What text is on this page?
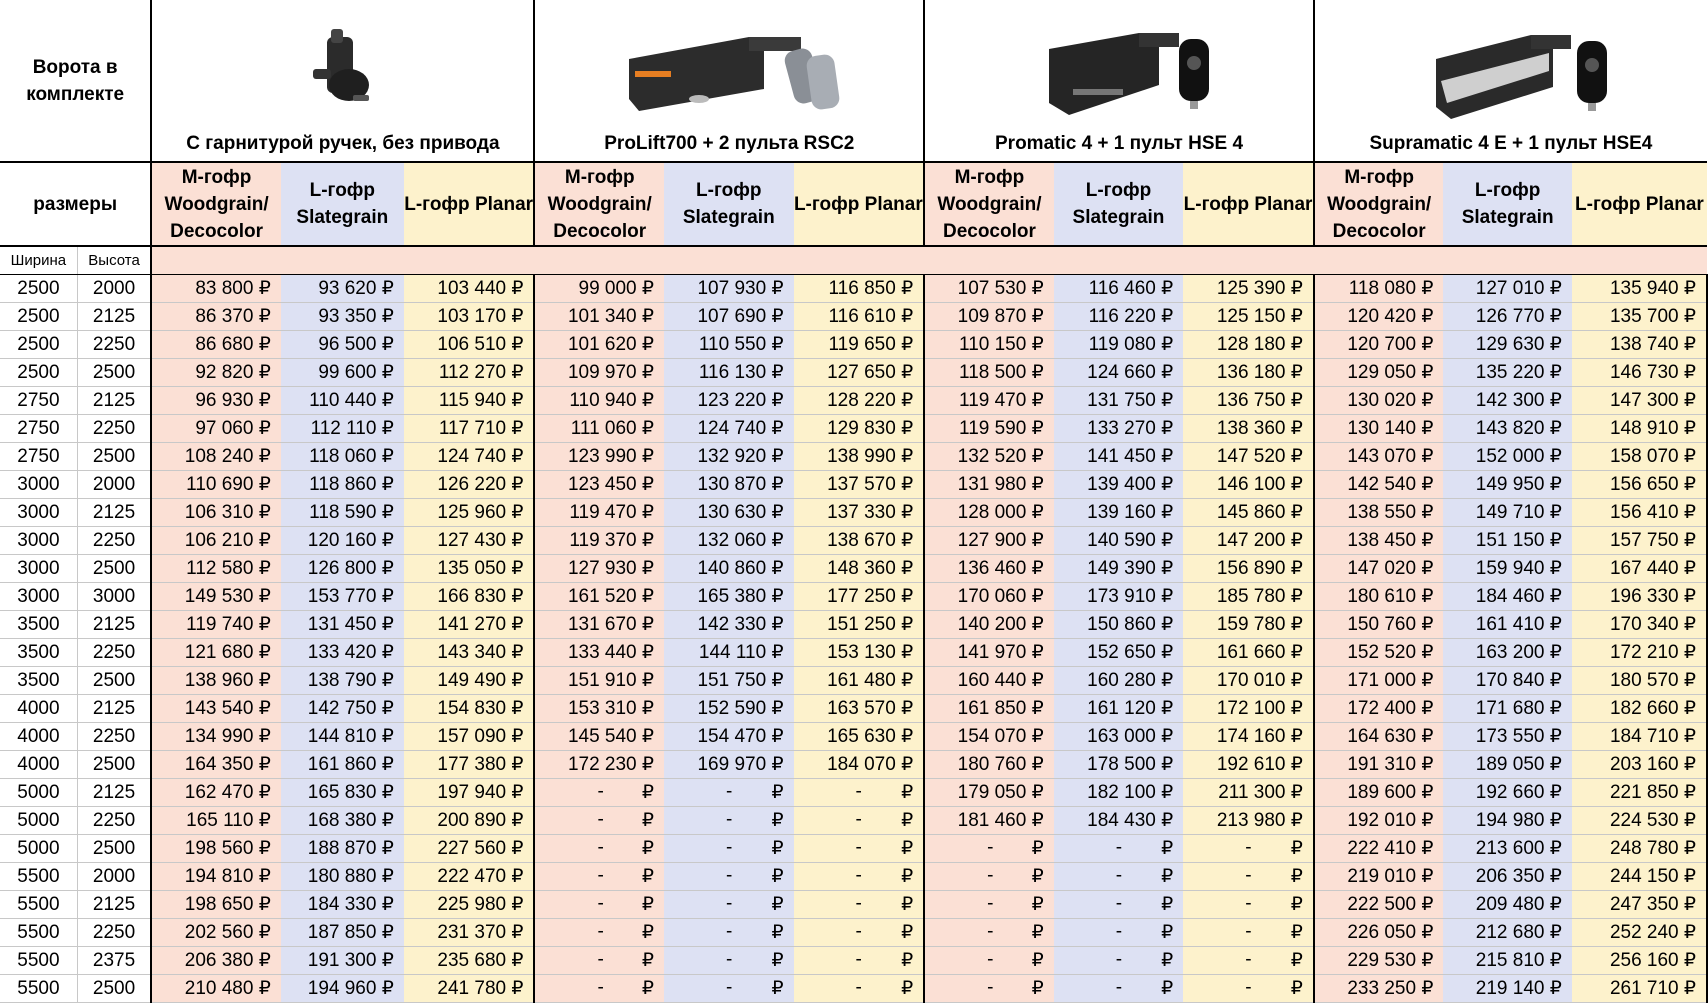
Ворота в комплекте		С гарнитурой ручек, без привода			ProLift700 + 2 пульта RSC2			Promatic 4 + 1 пульт HSE 4			Supramatic 4 E + 1 пульт HSE4		

размеры		М-гофр Woodgrain/ Decocolor	L-гофр Slategrain	L-гофр Planar	М-гофр Woodgrain/ Decocolor	L-гофр Slategrain	L-гофр Planar	М-гофр Woodgrain/ Decocolor	L-гофр Slategrain	L-гофр Planar	М-гофр Woodgrain/ Decocolor	L-гофр Slategrain	L-гофр Planar
Ширина	Высота												
2500	2000	83 800 ₽	93 620 ₽	103 440 ₽	99 000 ₽	107 930 ₽	116 850 ₽	107 530 ₽	116 460 ₽	125 390 ₽	118 080 ₽	127 010 ₽	135 940 ₽
2500	2125	86 370 ₽	93 350 ₽	103 170 ₽	101 340 ₽	107 690 ₽	116 610 ₽	109 870 ₽	116 220 ₽	125 150 ₽	120 420 ₽	126 770 ₽	135 700 ₽
2500	2250	86 680 ₽	96 500 ₽	106 510 ₽	101 620 ₽	110 550 ₽	119 650 ₽	110 150 ₽	119 080 ₽	128 180 ₽	120 700 ₽	129 630 ₽	138 740 ₽
2500	2500	92 820 ₽	99 600 ₽	112 270 ₽	109 970 ₽	116 130 ₽	127 650 ₽	118 500 ₽	124 660 ₽	136 180 ₽	129 050 ₽	135 220 ₽	146 730 ₽
2750	2125	96 930 ₽	110 440 ₽	115 940 ₽	110 940 ₽	123 220 ₽	128 220 ₽	119 470 ₽	131 750 ₽	136 750 ₽	130 020 ₽	142 300 ₽	147 300 ₽
2750	2250	97 060 ₽	112 110 ₽	117 710 ₽	111 060 ₽	124 740 ₽	129 830 ₽	119 590 ₽	133 270 ₽	138 360 ₽	130 140 ₽	143 820 ₽	148 910 ₽
2750	2500	108 240 ₽	118 060 ₽	124 740 ₽	123 990 ₽	132 920 ₽	138 990 ₽	132 520 ₽	141 450 ₽	147 520 ₽	143 070 ₽	152 000 ₽	158 070 ₽
3000	2000	110 690 ₽	118 860 ₽	126 220 ₽	123 450 ₽	130 870 ₽	137 570 ₽	131 980 ₽	139 400 ₽	146 100 ₽	142 540 ₽	149 950 ₽	156 650 ₽
3000	2125	106 310 ₽	118 590 ₽	125 960 ₽	119 470 ₽	130 630 ₽	137 330 ₽	128 000 ₽	139 160 ₽	145 860 ₽	138 550 ₽	149 710 ₽	156 410 ₽
3000	2250	106 210 ₽	120 160 ₽	127 430 ₽	119 370 ₽	132 060 ₽	138 670 ₽	127 900 ₽	140 590 ₽	147 200 ₽	138 450 ₽	151 150 ₽	157 750 ₽
3000	2500	112 580 ₽	126 800 ₽	135 050 ₽	127 930 ₽	140 860 ₽	148 360 ₽	136 460 ₽	149 390 ₽	156 890 ₽	147 020 ₽	159 940 ₽	167 440 ₽
3000	3000	149 530 ₽	153 770 ₽	166 830 ₽	161 520 ₽	165 380 ₽	177 250 ₽	170 060 ₽	173 910 ₽	185 780 ₽	180 610 ₽	184 460 ₽	196 330 ₽
3500	2125	119 740 ₽	131 450 ₽	141 270 ₽	131 670 ₽	142 330 ₽	151 250 ₽	140 200 ₽	150 860 ₽	159 780 ₽	150 760 ₽	161 410 ₽	170 340 ₽
3500	2250	121 680 ₽	133 420 ₽	143 340 ₽	133 440 ₽	144 110 ₽	153 130 ₽	141 970 ₽	152 650 ₽	161 660 ₽	152 520 ₽	163 200 ₽	172 210 ₽
3500	2500	138 960 ₽	138 790 ₽	149 490 ₽	151 910 ₽	151 750 ₽	161 480 ₽	160 440 ₽	160 280 ₽	170 010 ₽	171 000 ₽	170 840 ₽	180 570 ₽
4000	2125	143 540 ₽	142 750 ₽	154 830 ₽	153 310 ₽	152 590 ₽	163 570 ₽	161 850 ₽	161 120 ₽	172 100 ₽	172 400 ₽	171 680 ₽	182 660 ₽
4000	2250	134 990 ₽	144 810 ₽	157 090 ₽	145 540 ₽	154 470 ₽	165 630 ₽	154 070 ₽	163 000 ₽	174 160 ₽	164 630 ₽	173 550 ₽	184 710 ₽
4000	2500	164 350 ₽	161 860 ₽	177 380 ₽	172 230 ₽	169 970 ₽	184 070 ₽	180 760 ₽	178 500 ₽	192 610 ₽	191 310 ₽	189 050 ₽	203 160 ₽
5000	2125	162 470 ₽	165 830 ₽	197 940 ₽	- ₽	- ₽	- ₽	179 050 ₽	182 100 ₽	211 300 ₽	189 600 ₽	192 660 ₽	221 850 ₽
5000	2250	165 110 ₽	168 380 ₽	200 890 ₽	- ₽	- ₽	- ₽	181 460 ₽	184 430 ₽	213 980 ₽	192 010 ₽	194 980 ₽	224 530 ₽
5000	2500	198 560 ₽	188 870 ₽	227 560 ₽	- ₽	- ₽	- ₽	- ₽	- ₽	- ₽	222 410 ₽	213 600 ₽	248 780 ₽
5500	2000	194 810 ₽	180 880 ₽	222 470 ₽	- ₽	- ₽	- ₽	- ₽	- ₽	- ₽	219 010 ₽	206 350 ₽	244 150 ₽
5500	2125	198 650 ₽	184 330 ₽	225 980 ₽	- ₽	- ₽	- ₽	- ₽	- ₽	- ₽	222 500 ₽	209 480 ₽	247 350 ₽
5500	2250	202 560 ₽	187 850 ₽	231 370 ₽	- ₽	- ₽	- ₽	- ₽	- ₽	- ₽	226 050 ₽	212 680 ₽	252 240 ₽
5500	2375	206 380 ₽	191 300 ₽	235 680 ₽	- ₽	- ₽	- ₽	- ₽	- ₽	- ₽	229 530 ₽	215 810 ₽	256 160 ₽
5500	2500	210 480 ₽	194 960 ₽	241 780 ₽	- ₽	- ₽	- ₽	- ₽	- ₽	- ₽	233 250 ₽	219 140 ₽	261 710 ₽
